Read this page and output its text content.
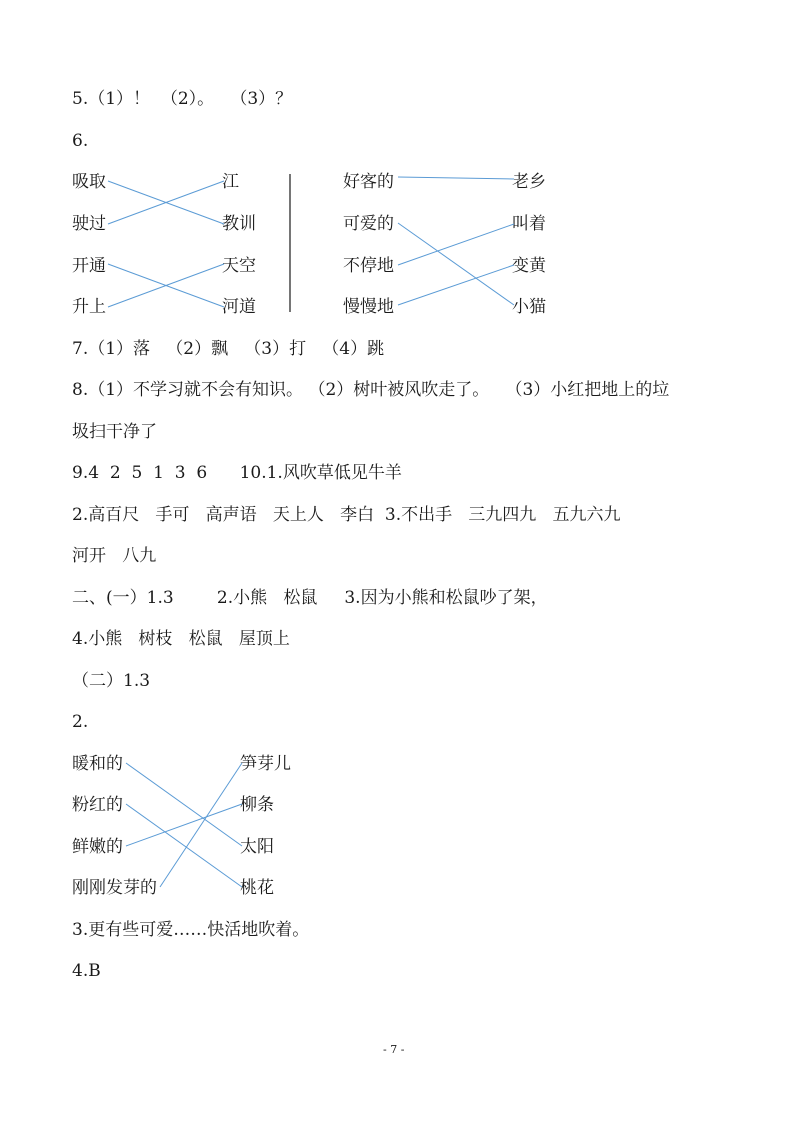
5.（1）！  （2）。   （3）？
6.
吸取
驶过
开通
升上
江
教训
天空
河道
好客的
可爱的
不停地
慢慢地
老乡
叫着
变黄
小猫
7.（1）落   （2）飘   （3）打   （4）跳
8.（1）不学习就不会有知识。 （2）树叶被风吹走了。   （3）小红把地上的垃
圾扫干净了
9.4  2  5  1  3  6      10.1.风吹草低见牛羊
2.高百尺   手可   高声语   天上人   李白  3.不出手   三九四九   五九六九
河开   八九
二、(一）1.3        2.小熊   松鼠     3.因为小熊和松鼠吵了架，
4.小熊   树枝   松鼠   屋顶上
（二）1.3
2.
暖和的
粉红的
鲜嫩的
刚刚发芽的
笋芽儿
柳条
太阳
桃花
3.更有些可爱……快活地吹着。
4.B
- 7 -
